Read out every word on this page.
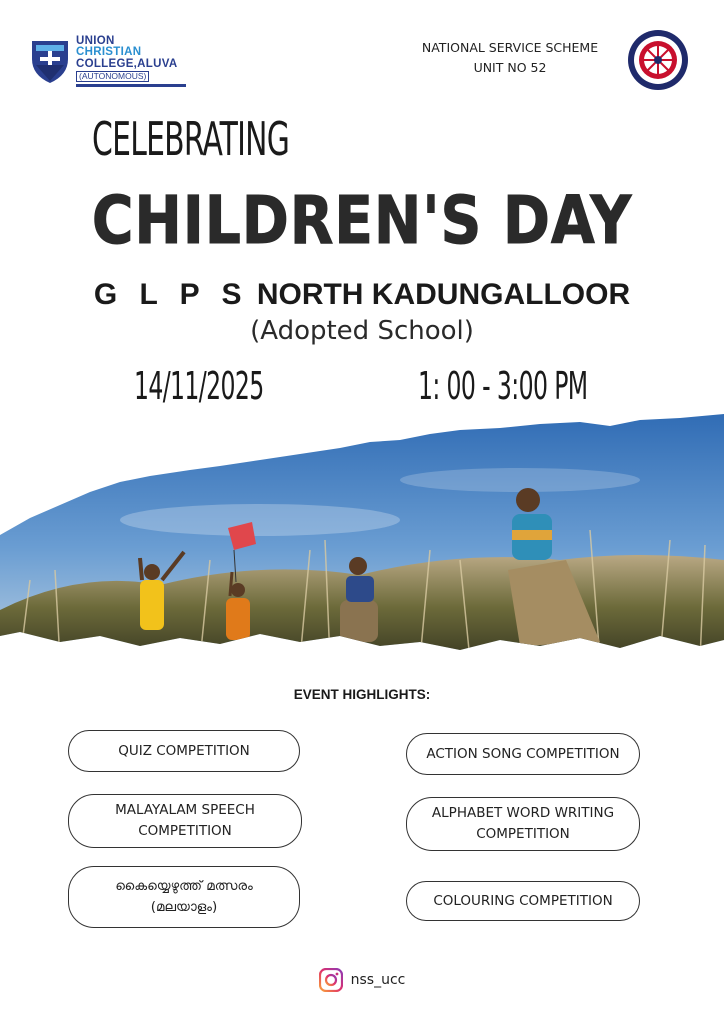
UNION
CHRISTIAN
COLLEGE,ALUVA
(AUTONOMOUS)
NATIONAL SERVICE SCHEME
UNIT NO 52
CELEBRATING
CHILDREN'S DAY
G L P S NORTH KADUNGALLOOR
(Adopted School)
14/11/2025	1: 00 - 3:00 PM
EVENT HIGHLIGHTS:
QUIZ COMPETITION
MALAYALAM SPEECH
COMPETITION
കൈയ്യെഴുത്ത് മത്സരം
(മലയാളം)
ACTION SONG COMPETITION
ALPHABET WORD WRITING
COMPETITION
COLOURING COMPETITION
nss_ucc
